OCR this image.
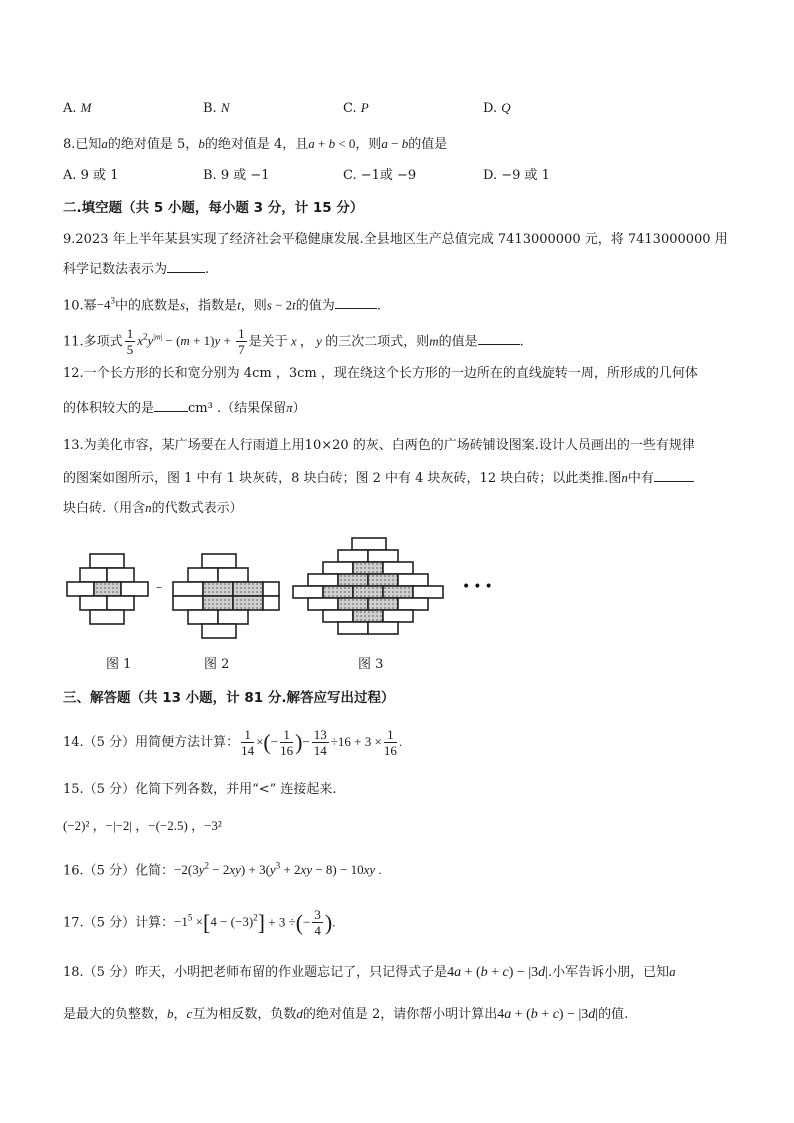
A. M	B. N	C. P	D. Q
8.已知a的绝对值是 5，b的绝对值是 4，且a + b < 0，则a − b的值是
A. 9 或 1	B. 9 或 −1	C. −1或 −9	D. −9 或 1
二.填空题（共 5 小题，每小题 3 分，计 15 分）
9.2023 年上半年某县实现了经济社会平稳健康发展.全县地区生产总值完成 7413000000 元，将 7413000000 用
科学记数法表示为	.
10.幂$-4^3$中的底数是s，指数是t，则s − 2t的值为	.
11.多项式 $\frac{1}{5} x^2y^{|m|} - (m + 1)y + \frac{1}{7}$ 是关于 x ， y 的三次二项式，则m的值是	.
12.一个长方形的长和宽分别为 4cm ，3cm ，现在绕这个长方形的一边所在的直线旋转一周，所形成的几何体
的体积较大的是	cm³ .（结果保留π）
13.为美化市容，某广场要在人行雨道上用10×20 的灰、白两色的广场砖铺设图案.设计人员画出的一些有规律
的图案如图所示，图 1 中有 1 块灰砖，8 块白砖；图 2 中有 4 块灰砖，12 块白砖；以此类推.图n中有
块白砖.（用含n的代数式表示）
–	•••
图 1	图 2	图 3
三、解答题（共 13 小题，计 81 分.解答应写出过程）
14.（5 分）用简便方法计算： $\frac{1}{14}$ ×(− $\frac{1}{16}$ )− $\frac{13}{14} \div 16 + 3 \times \frac{1}{16}$ .
15.（5 分）化简下列各数，并用“<” 连接起来.
(−2)² ，−|−2| ，−(−2.5) ，−3²
16.（5 分）化简：$-2(3y^2 - 2xy) + 3(y^3 + 2xy - 8) - 10xy$ .
17.（5 分）计算：$-1^5 \times[4 - (-3)^2] + 3$ ÷(− $\frac{3}{4}$ ).
18.（5 分）昨天，小明把老师布留的作业题忘记了，只记得式子是4a + (b + c) − |3d|.小军告诉小朋，已知a
是最大的负整数，b，c互为相反数，负数d的绝对值是 2，请你帮小明计算出4a + (b + c) − |3d|的值.
